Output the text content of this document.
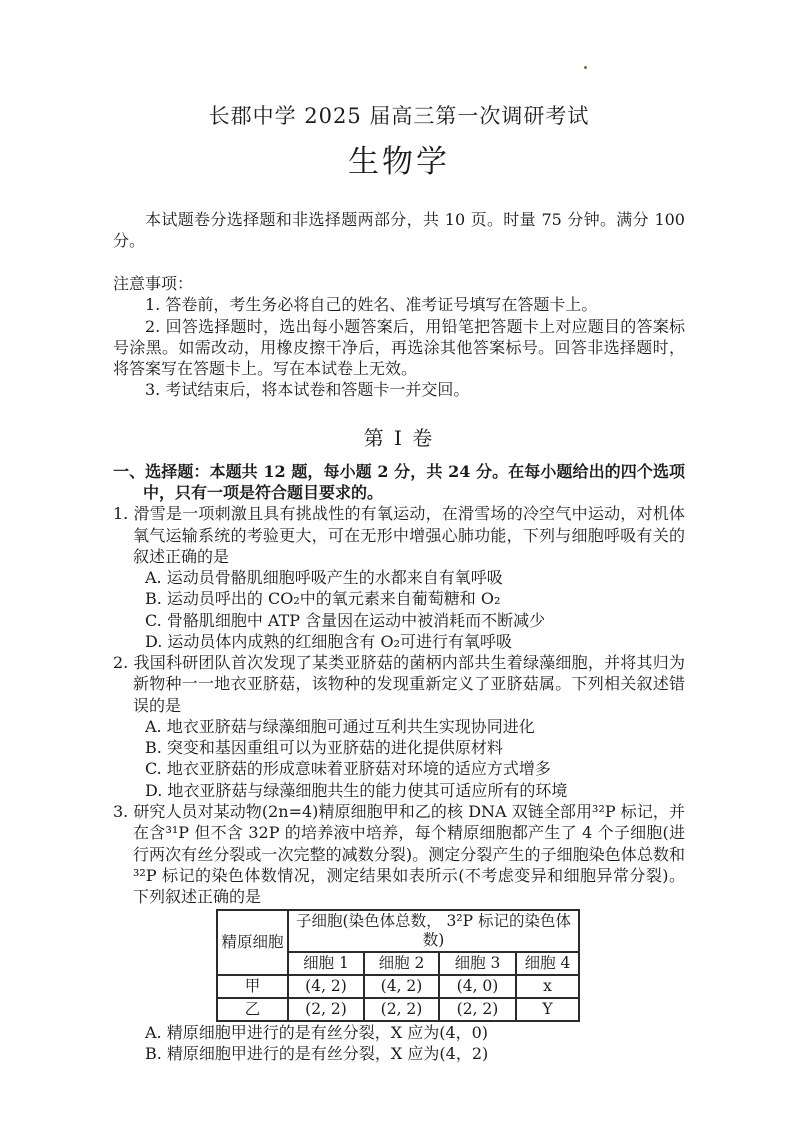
长郡中学 2025 届高三第一次调研考试
生物学

本试题卷分选择题和非选择题两部分，共 10 页。时量 75 分钟。满分 100 分。

注意事项：

1. 答卷前，考生务必将自己的姓名、准考证号填写在答题卡上。

2. 回答选择题时，选出每小题答案后，用铅笔把答题卡上对应题目的答案标号涂黑。如需改动，用橡皮擦干净后，再选涂其他答案标号。回答非选择题时，将答案写在答题卡上。写在本试卷上无效。

3. 考试结束后，将本试卷和答题卡一并交回。

第 I 卷

一、选择题：本题共 12 题，每小题 2 分，共 24 分。在每小题给出的四个选项中，只有一项是符合题目要求的。

1. 滑雪是一项刺激且具有挑战性的有氧运动，在滑雪场的冷空气中运动，对机体氧气运输系统的考验更大，可在无形中增强心肺功能，下列与细胞呼吸有关的叙述正确的是

A. 运动员骨骼肌细胞呼吸产生的水都来自有氧呼吸

B. 运动员呼出的 CO₂中的氧元素来自葡萄糖和 O₂

C. 骨骼肌细胞中 ATP 含量因在运动中被消耗而不断减少

D. 运动员体内成熟的红细胞含有 O₂可进行有氧呼吸

2. 我国科研团队首次发现了某类亚脐菇的菌柄内部共生着绿藻细胞，并将其归为新物种一一地衣亚脐菇，该物种的发现重新定义了亚脐菇属。下列相关叙述错误的是

A. 地衣亚脐菇与绿藻细胞可通过互利共生实现协同进化

B. 突变和基因重组可以为亚脐菇的进化提供原材料

C. 地衣亚脐菇的形成意味着亚脐菇对环境的适应方式增多

D. 地衣亚脐菇与绿藻细胞共生的能力使其可适应所有的环境

3. 研究人员对某动物(2n=4)精原细胞甲和乙的核 DNA 双链全部用³²P 标记，并在含³¹P 但不含 32P 的培养液中培养，每个精原细胞都产生了 4 个子细胞(进行两次有丝分裂或一次完整的减数分裂)。测定分裂产生的子细胞染色体总数和³²P 标记的染色体数情况，测定结果如表所示(不考虑变异和细胞异常分裂)。下列叙述正确的是

精原细胞	子细胞(染色体总数， 3²P 标记的染色体数)			
	细胞 1	细胞 2	细胞 3	细胞 4
甲	(4, 2)	(4, 2)	(4, 0)	x
乙	(2, 2)	(2, 2)	(2, 2)	Y

A. 精原细胞甲进行的是有丝分裂，X 应为(4，0)

B. 精原细胞甲进行的是有丝分裂，X 应为(4，2)
